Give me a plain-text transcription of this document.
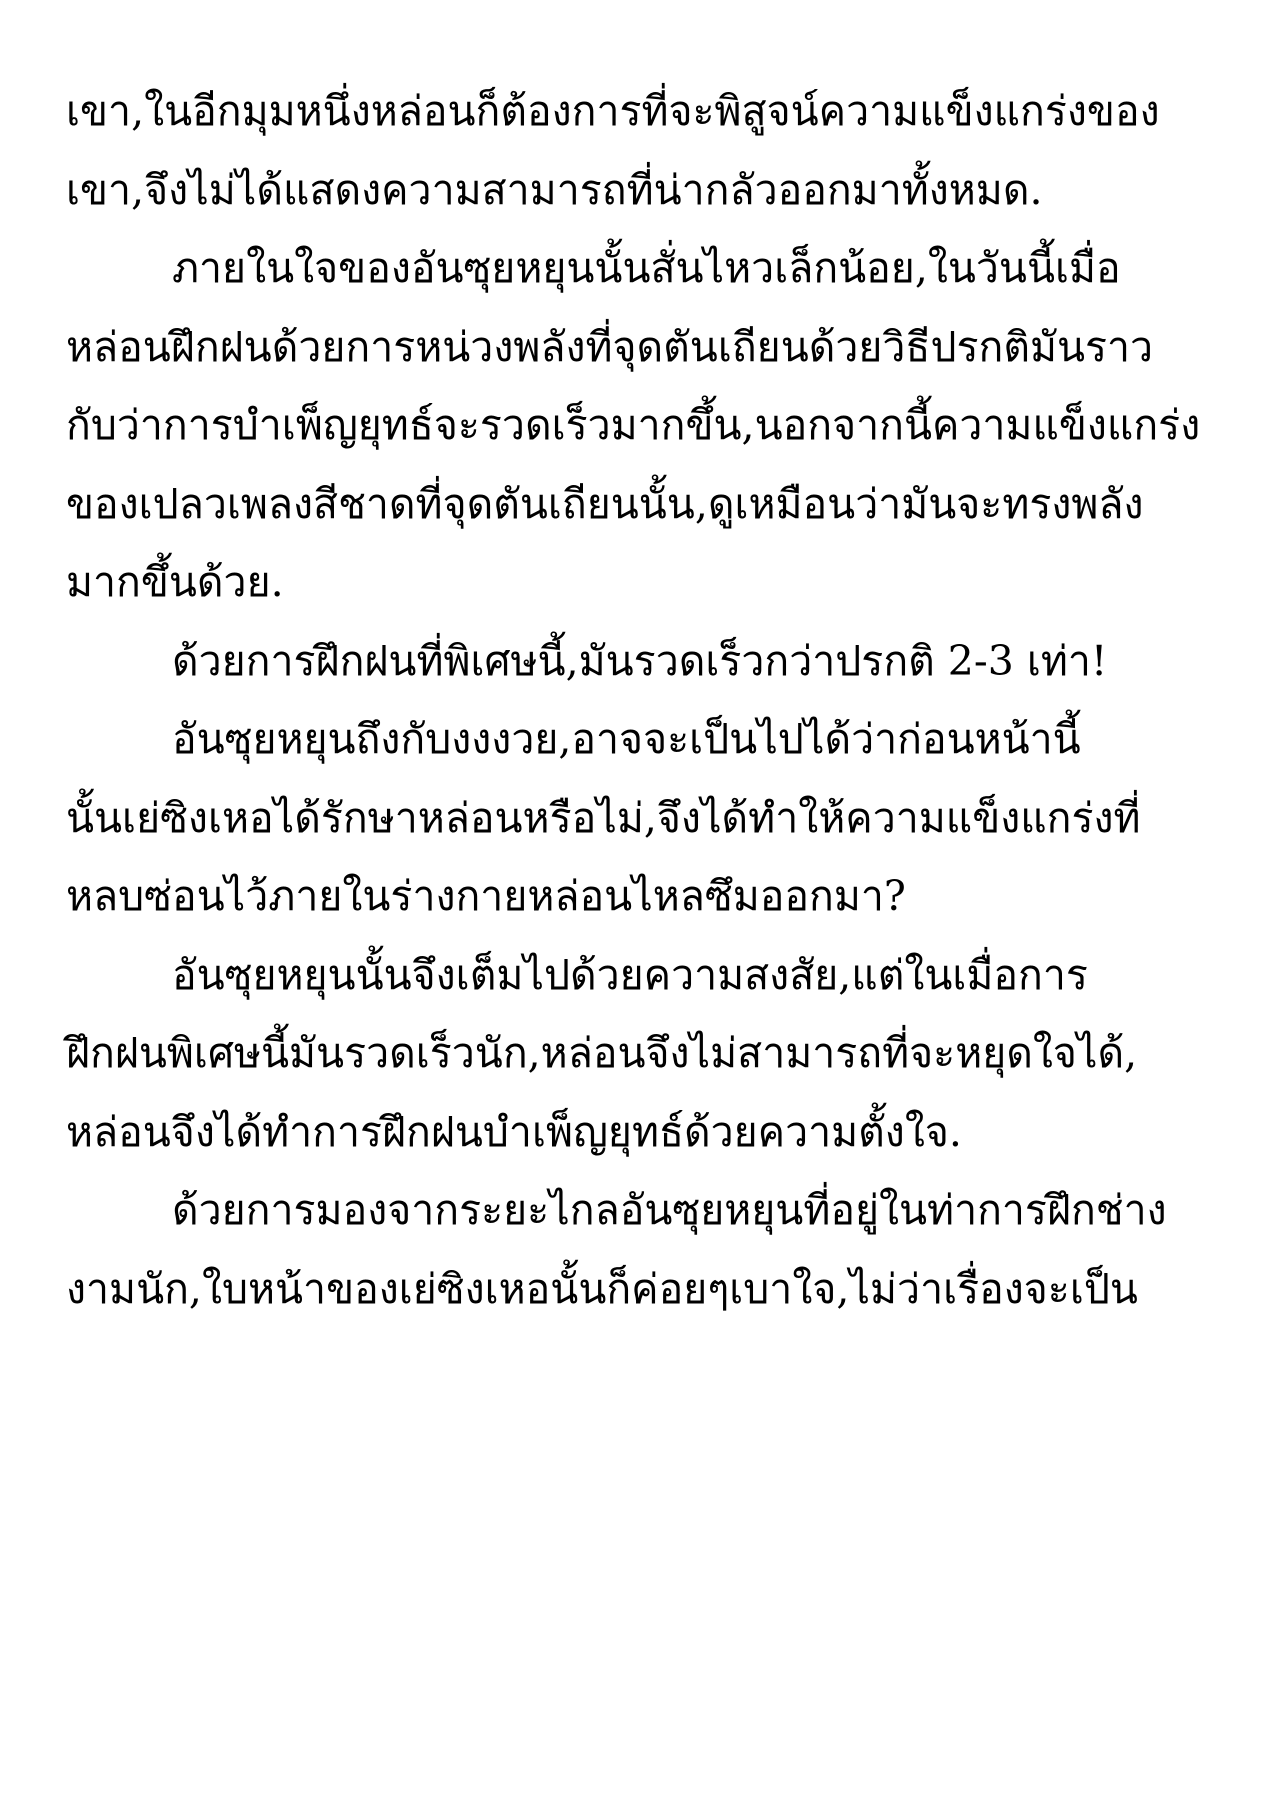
เขา,ในอีกมุมหนึ่งหล่อนก็ต้องการที่จะพิสูจน์ความแข็งแกร่งของ
เขา,จึงไม่ได้แสดงความสามารถที่น่ากลัวออกมาทั้งหมด.
ภายในใจของอันซุยหยุนนั้นสั่นไหวเล็กน้อย,ในวันนี้เมื่อ
หล่อนฝึกฝนด้วยการหน่วงพลังที่จุดตันเถียนด้วยวิธีปรกติมันราว
กับว่าการบำเพ็ญยุทธ์จะรวดเร็วมากขึ้น,นอกจากนี้ความแข็งแกร่ง
ของเปลวเพลงสีชาดที่จุดตันเถียนนั้น,ดูเหมือนว่ามันจะทรงพลัง
มากขึ้นด้วย.
ด้วยการฝึกฝนที่พิเศษนี้,มันรวดเร็วกว่าปรกติ 2-3 เท่า!
อันซุยหยุนถึงกับงงงวย,อาจจะเป็นไปได้ว่าก่อนหน้านี้
นั้นเย่ซิงเหอได้รักษาหล่อนหรือไม่,จึงได้ทำให้ความแข็งแกร่งที่
หลบซ่อนไว้ภายในร่างกายหล่อนไหลซึมออกมา?
อันซุยหยุนนั้นจึงเต็มไปด้วยความสงสัย,แต่ในเมื่อการ
ฝึกฝนพิเศษนี้มันรวดเร็วนัก,หล่อนจึงไม่สามารถที่จะหยุดใจได้,
หล่อนจึงได้ทำการฝึกฝนบำเพ็ญยุทธ์ด้วยความตั้งใจ.
ด้วยการมองจากระยะไกลอันซุยหยุนที่อยู่ในท่าการฝึกช่าง
งามนัก,ใบหน้าของเย่ซิงเหอนั้นก็ค่อยๆเบาใจ,ไม่ว่าเรื่องจะเป็น
